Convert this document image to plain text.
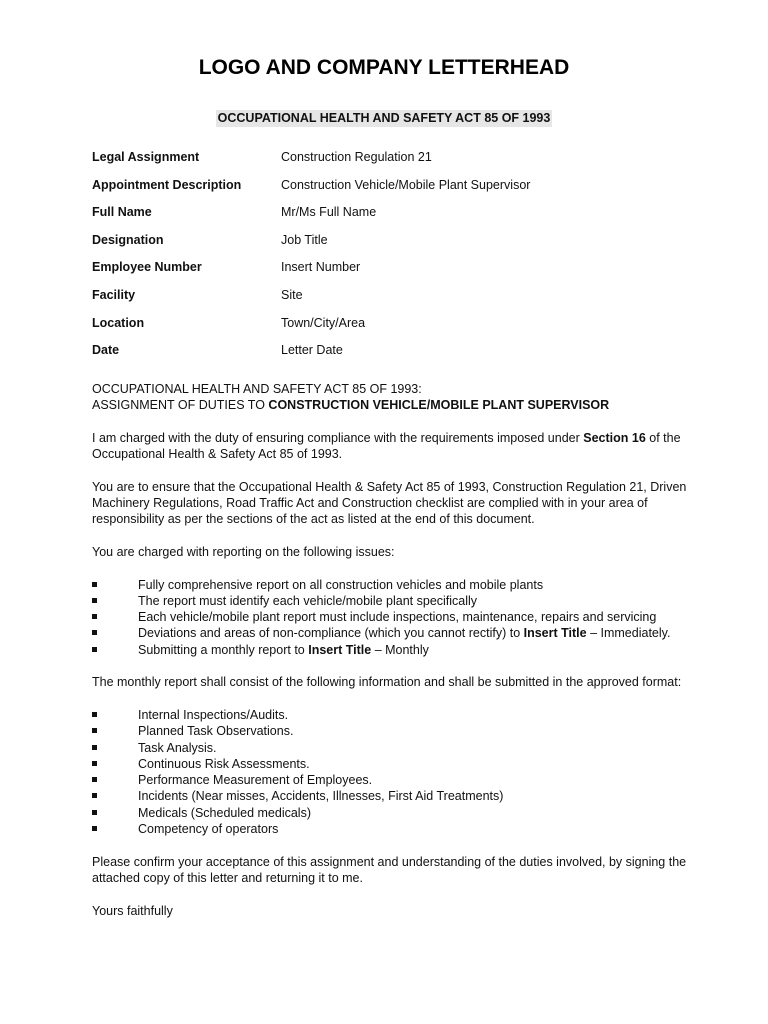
LOGO AND COMPANY LETTERHEAD
OCCUPATIONAL HEALTH AND SAFETY ACT 85 OF 1993
Legal Assignment	Construction Regulation 21
Appointment Description	Construction Vehicle/Mobile Plant Supervisor
Full Name	Mr/Ms Full Name
Designation	Job Title
Employee Number	Insert Number
Facility	Site
Location	Town/City/Area
Date	Letter Date

OCCUPATIONAL HEALTH AND SAFETY ACT 85 OF 1993:
ASSIGNMENT OF DUTIES TO CONSTRUCTION VEHICLE/MOBILE PLANT SUPERVISOR

I am charged with the duty of ensuring compliance with the requirements imposed under Section 16 of the Occupational Health & Safety Act 85 of 1993.

You are to ensure that the Occupational Health & Safety Act 85 of 1993, Construction Regulation 21, Driven Machinery Regulations, Road Traffic Act and Construction checklist are complied with in your area of responsibility as per the sections of the act as listed at the end of this document.

You are charged with reporting on the following issues:

Fully comprehensive report on all construction vehicles and mobile plants
The report must identify each vehicle/mobile plant specifically
Each vehicle/mobile plant report must include inspections, maintenance, repairs and servicing
Deviations and areas of non-compliance (which you cannot rectify) to Insert Title – Immediately.
Submitting a monthly report to Insert Title – Monthly

The monthly report shall consist of the following information and shall be submitted in the approved format:

Internal Inspections/Audits.
Planned Task Observations.
Task Analysis.
Continuous Risk Assessments.
Performance Measurement of Employees.
Incidents (Near misses, Accidents, Illnesses, First Aid Treatments)
Medicals (Scheduled medicals)
Competency of operators

Please confirm your acceptance of this assignment and understanding of the duties involved, by signing the attached copy of this letter and returning it to me.

Yours faithfully
